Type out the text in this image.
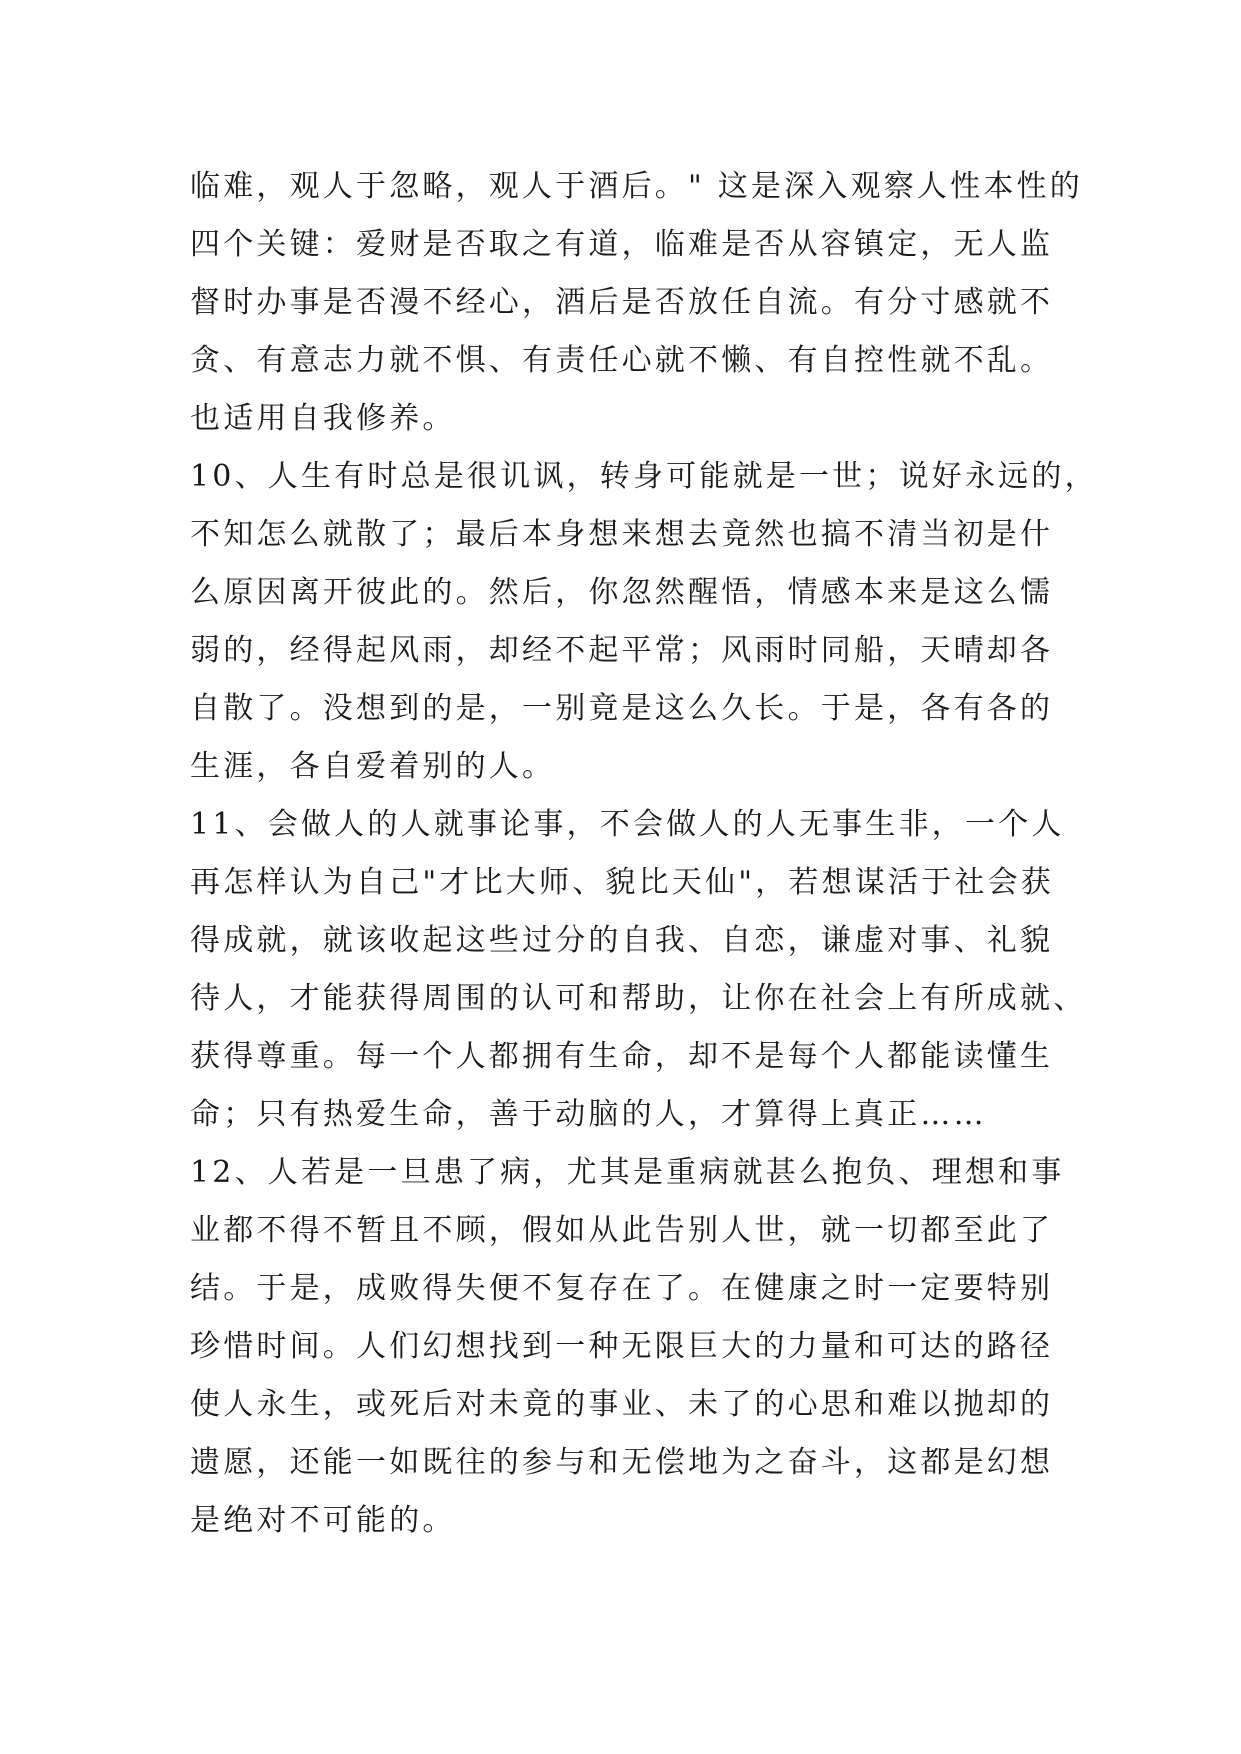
临难，观人于忽略，观人于酒后。" 这是深入观察人性本性的
四个关键：爱财是否取之有道，临难是否从容镇定，无人监
督时办事是否漫不经心，酒后是否放任自流。有分寸感就不
贪、有意志力就不惧、有责任心就不懒、有自控性就不乱。
也适用自我修养。
10、人生有时总是很讥讽，转身可能就是一世；说好永远的，
不知怎么就散了；最后本身想来想去竟然也搞不清当初是什
么原因离开彼此的。然后，你忽然醒悟，情感本来是这么懦
弱的，经得起风雨，却经不起平常；风雨时同船，天晴却各
自散了。没想到的是，一别竟是这么久长。于是，各有各的
生涯，各自爱着别的人。
11、会做人的人就事论事，不会做人的人无事生非，一个人
再怎样认为自己"才比大师、貌比天仙"，若想谋活于社会获
得成就，就该收起这些过分的自我、自恋，谦虚对事、礼貌
待人，才能获得周围的认可和帮助，让你在社会上有所成就、
获得尊重。每一个人都拥有生命，却不是每个人都能读懂生
命；只有热爱生命，善于动脑的人，才算得上真正……
12、人若是一旦患了病，尤其是重病就甚么抱负、理想和事
业都不得不暂且不顾，假如从此告别人世，就一切都至此了
结。于是，成败得失便不复存在了。在健康之时一定要特别
珍惜时间。人们幻想找到一种无限巨大的力量和可达的路径
使人永生，或死后对未竟的事业、未了的心思和难以抛却的
遗愿，还能一如既往的参与和无偿地为之奋斗，这都是幻想
是绝对不可能的。
